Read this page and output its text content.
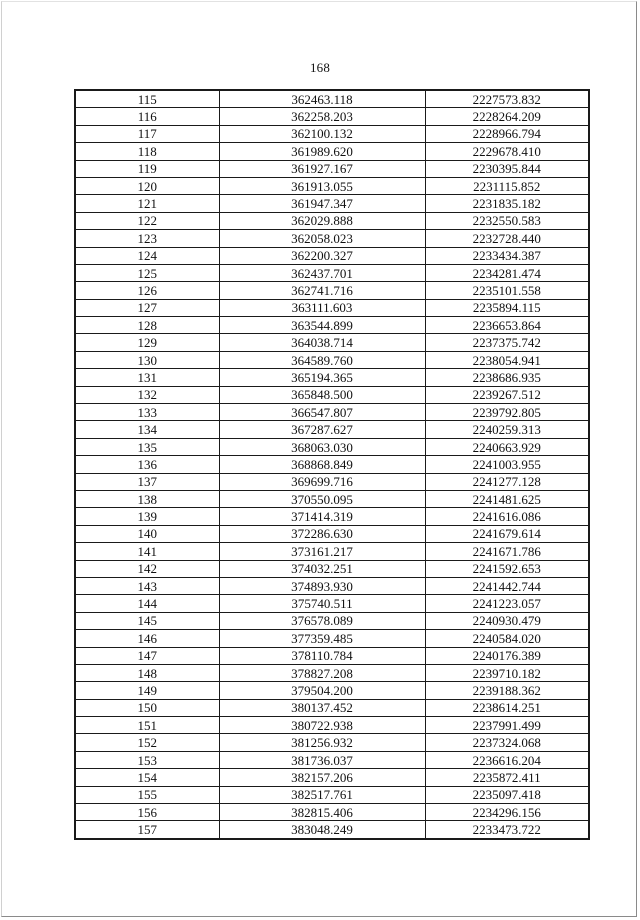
168
115	362463.118	2227573.832
116	362258.203	2228264.209
117	362100.132	2228966.794
118	361989.620	2229678.410
119	361927.167	2230395.844
120	361913.055	2231115.852
121	361947.347	2231835.182
122	362029.888	2232550.583
123	362058.023	2232728.440
124	362200.327	2233434.387
125	362437.701	2234281.474
126	362741.716	2235101.558
127	363111.603	2235894.115
128	363544.899	2236653.864
129	364038.714	2237375.742
130	364589.760	2238054.941
131	365194.365	2238686.935
132	365848.500	2239267.512
133	366547.807	2239792.805
134	367287.627	2240259.313
135	368063.030	2240663.929
136	368868.849	2241003.955
137	369699.716	2241277.128
138	370550.095	2241481.625
139	371414.319	2241616.086
140	372286.630	2241679.614
141	373161.217	2241671.786
142	374032.251	2241592.653
143	374893.930	2241442.744
144	375740.511	2241223.057
145	376578.089	2240930.479
146	377359.485	2240584.020
147	378110.784	2240176.389
148	378827.208	2239710.182
149	379504.200	2239188.362
150	380137.452	2238614.251
151	380722.938	2237991.499
152	381256.932	2237324.068
153	381736.037	2236616.204
154	382157.206	2235872.411
155	382517.761	2235097.418
156	382815.406	2234296.156
157	383048.249	2233473.722
